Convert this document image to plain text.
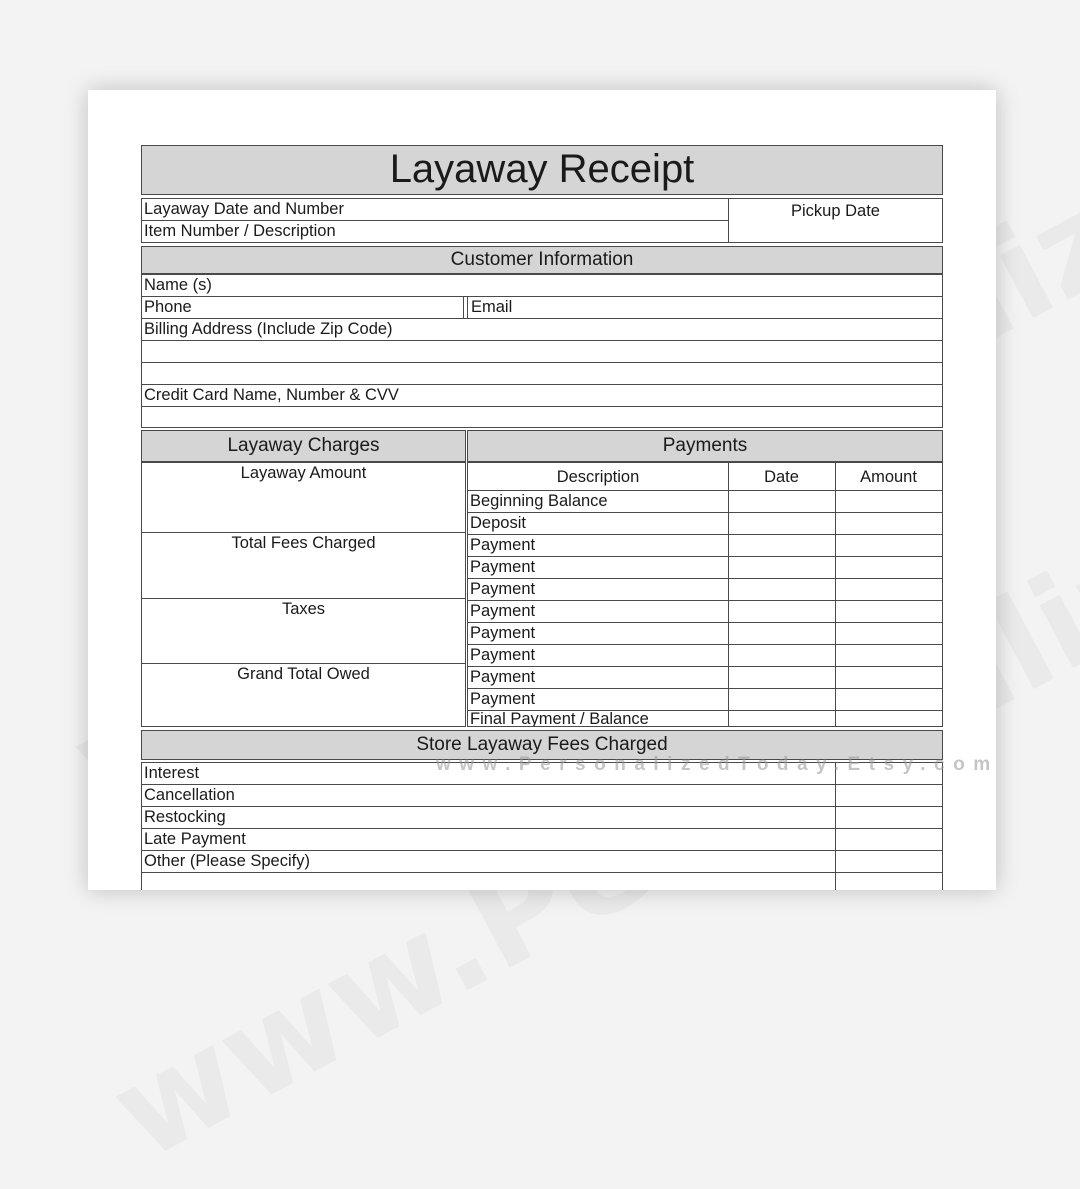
Layaway Receipt
Layaway Date and Number
Item Number / Description
Pickup Date
Customer Information
Name (s)
Phone	Email
Billing Address (Include Zip Code)
Credit Card Name, Number & CVV
Layaway Charges
Layaway Amount
Total Fees Charged
Taxes
Grand Total Owed
Payments
Description	Date	Amount
Beginning Balance
Deposit
Payment
Payment
Payment
Payment
Payment
Payment
Payment
Payment
Final Payment / Balance
Store Layaway Fees Charged
Interest
Cancellation
Restocking
Late Payment
Other (Please Specify)
www.PersonalizedToday.Etsy.com
